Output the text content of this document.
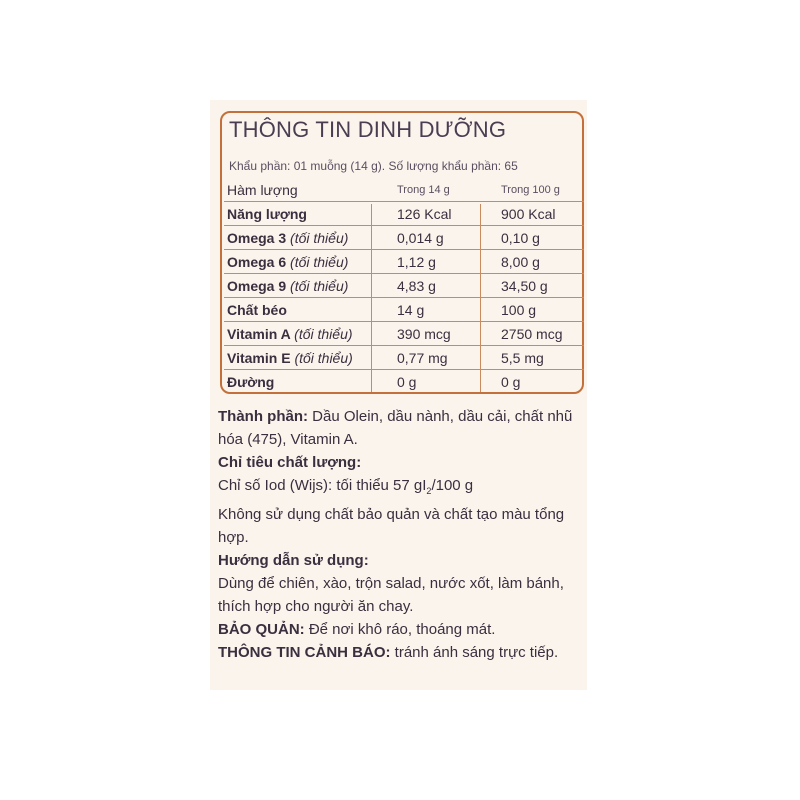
THÔNG TIN DINH DƯỠNG
Khẩu phần: 01 muỗng (14 g). Số lượng khẩu phần: 65
Hàm lượng	Trong 14 g	Trong 100 g
Năng lượng	126 Kcal	900 Kcal
Omega 3 (tối thiểu)	0,014 g	0,10 g
Omega 6 (tối thiểu)	1,12 g	8,00 g
Omega 9 (tối thiểu)	4,83 g	34,50 g
Chất béo	14 g	100 g
Vitamin A (tối thiểu)	390 mcg	2750 mcg
Vitamin E (tối thiểu)	0,77 mg	5,5 mg
Đường	0 g	0 g

Thành phần: Dầu Olein, dầu nành, dầu cải, chất nhũ hóa (475), Vitamin A.

Chỉ tiêu chất lượng:
Chỉ số Iod (Wijs): tối thiểu 57 $gI_2/100$ g
Không sử dụng chất bảo quản và chất tạo màu tổng hợp.

Hướng dẫn sử dụng:
Dùng để chiên, xào, trộn salad, nước xốt, làm bánh, thích hợp cho người ăn chay.

BẢO QUẢN: Để nơi khô ráo, thoáng mát.

THÔNG TIN CẢNH BÁO: tránh ánh sáng trực tiếp.
